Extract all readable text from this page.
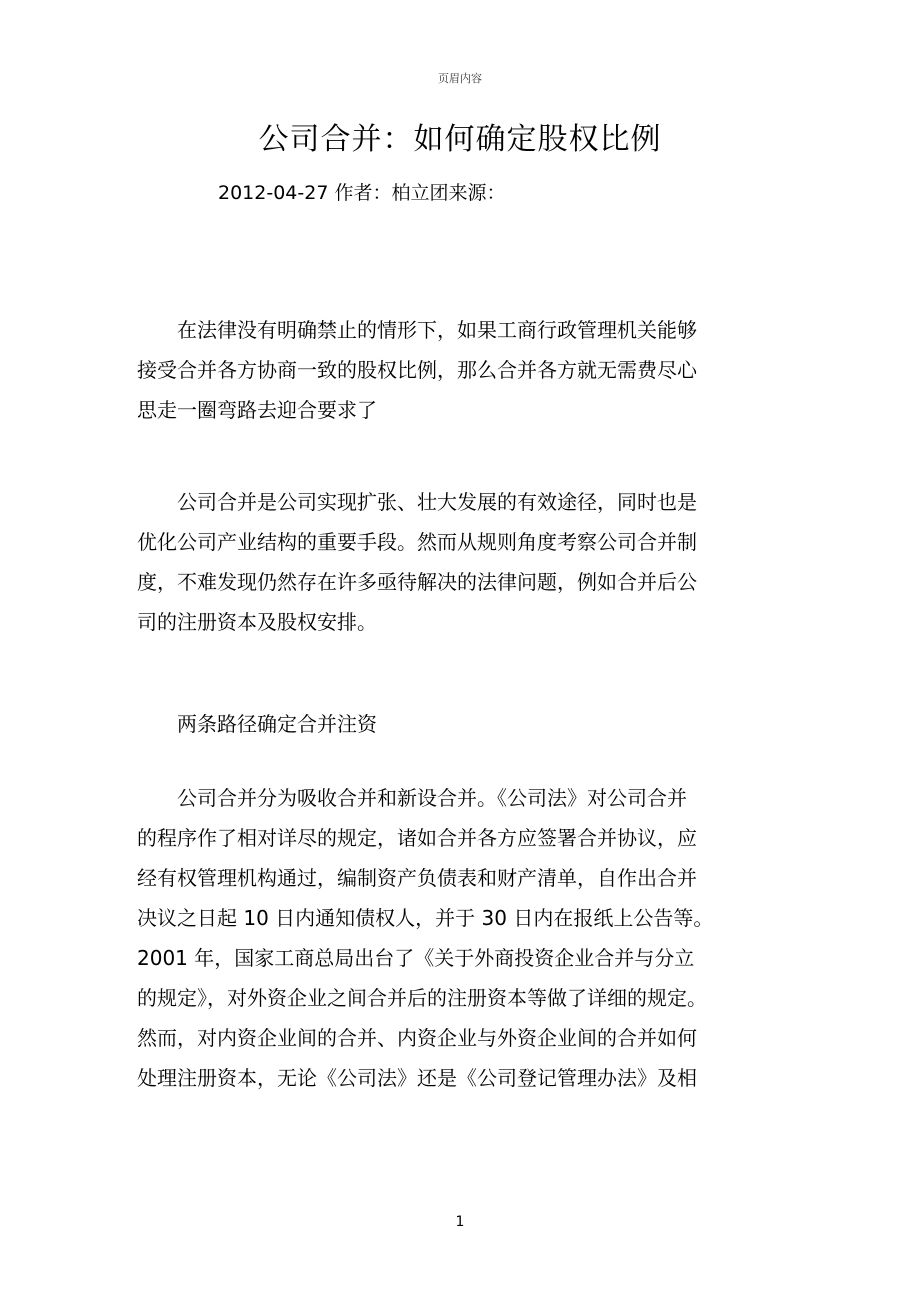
页眉内容
公司合并：如何确定股权比例
2012-04-27 作者：柏立团来源：
在法律没有明确禁止的情形下，如果工商行政管理机关能够
接受合并各方协商一致的股权比例，那么合并各方就无需费尽心
思走一圈弯路去迎合要求了
公司合并是公司实现扩张、壮大发展的有效途径，同时也是
优化公司产业结构的重要手段。然而从规则角度考察公司合并制
度，不难发现仍然存在许多亟待解决的法律问题，例如合并后公
司的注册资本及股权安排。
两条路径确定合并注资
公司合并分为吸收合并和新设合并。《公司法》对公司合并
的程序作了相对详尽的规定，诸如合并各方应签署合并协议，应
经有权管理机构通过，编制资产负债表和财产清单，自作出合并
决议之日起 10 日内通知债权人，并于 30 日内在报纸上公告等。
2001 年，国家工商总局出台了《关于外商投资企业合并与分立
的规定》，对外资企业之间合并后的注册资本等做了详细的规定。
然而，对内资企业间的合并、内资企业与外资企业间的合并如何
处理注册资本，无论《公司法》还是《公司登记管理办法》及相
1
